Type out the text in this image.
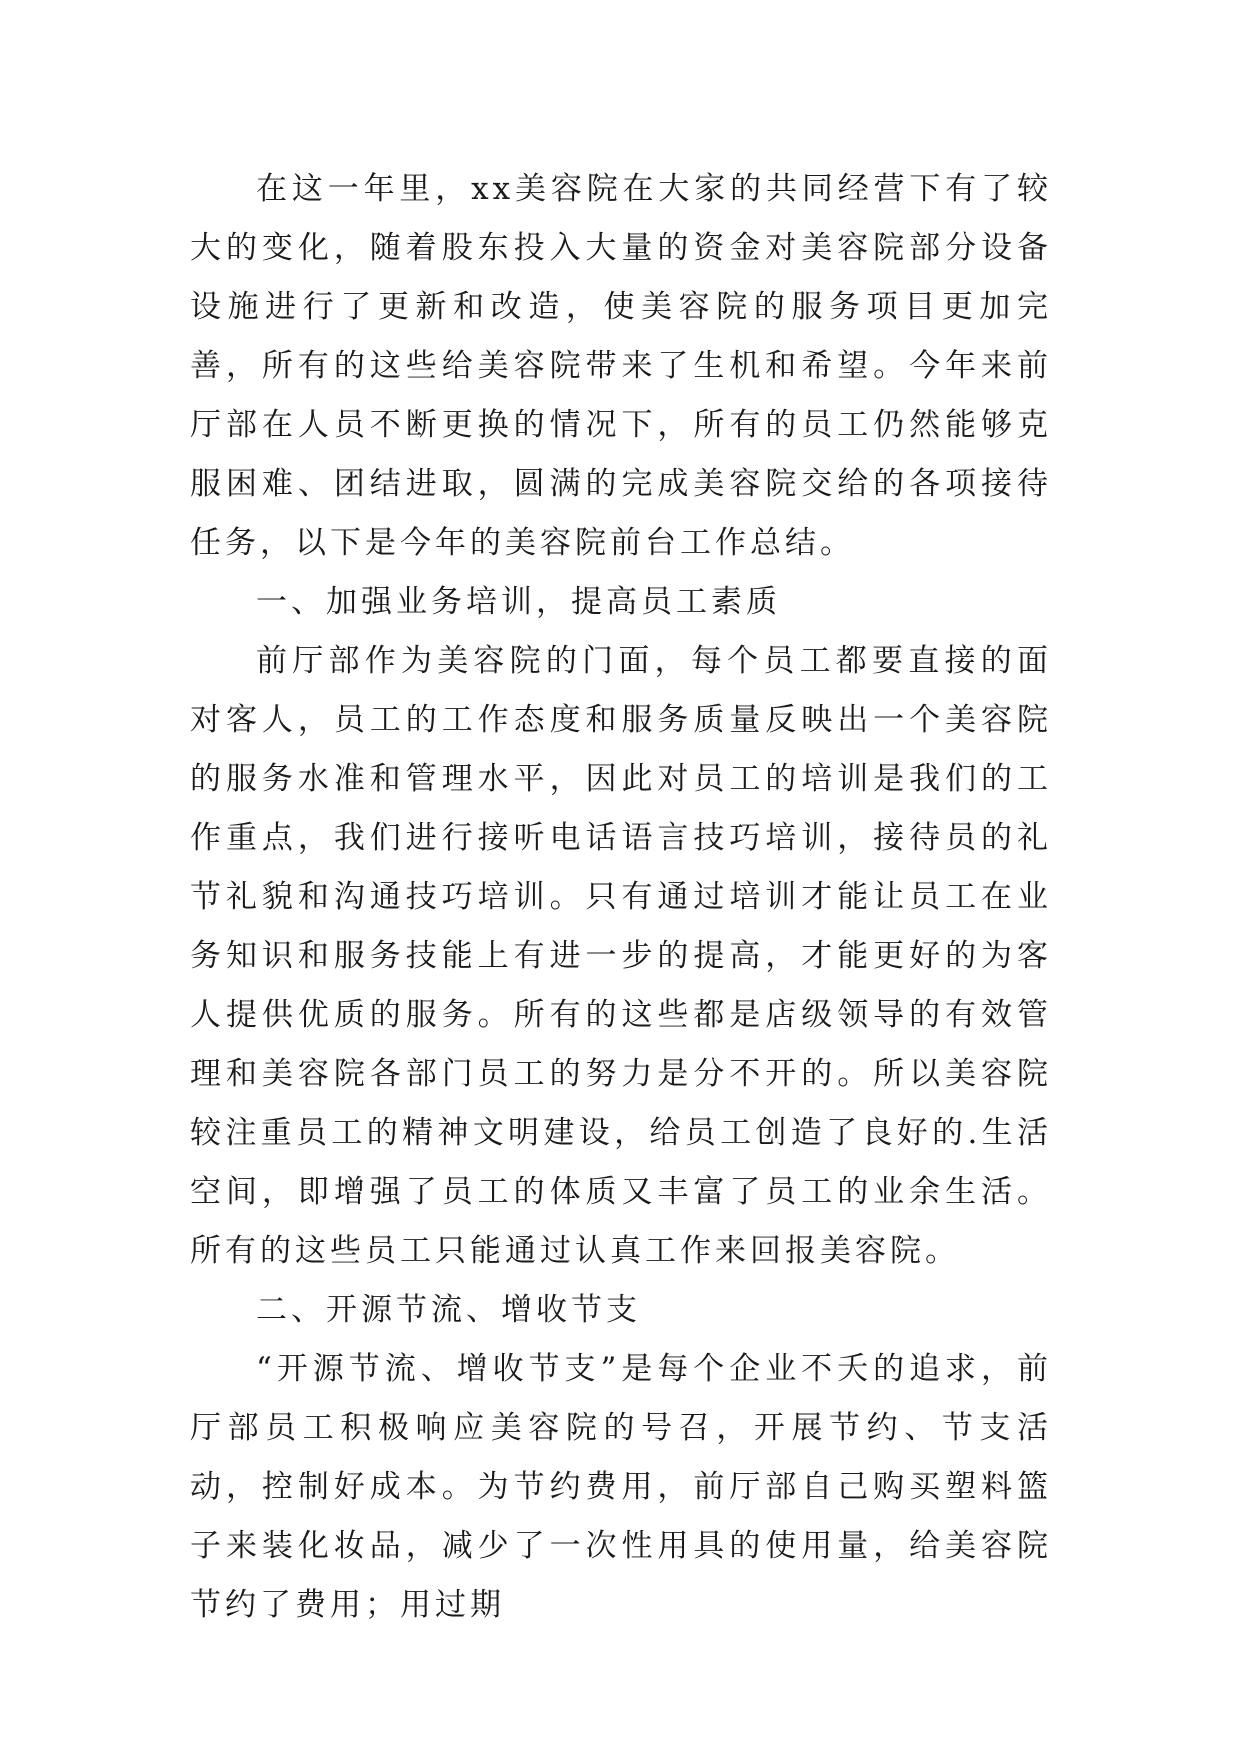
在这一年里，xx美容院在大家的共同经营下有了较大的变化，随着股东投入大量的资金对美容院部分设备设施进行了更新和改造，使美容院的服务项目更加完善，所有的这些给美容院带来了生机和希望。今年来前厅部在人员不断更换的情况下，所有的员工仍然能够克服困难、团结进取，圆满的完成美容院交给的各项接待任务，以下是今年的美容院前台工作总结。

一、加强业务培训，提高员工素质

前厅部作为美容院的门面，每个员工都要直接的面对客人，员工的工作态度和服务质量反映出一个美容院的服务水准和管理水平，因此对员工的培训是我们的工作重点，我们进行接听电话语言技巧培训，接待员的礼节礼貌和沟通技巧培训。只有通过培训才能让员工在业务知识和服务技能上有进一步的提高，才能更好的为客人提供优质的服务。所有的这些都是店级领导的有效管理和美容院各部门员工的努力是分不开的。所以美容院较注重员工的精神文明建设，给员工创造了良好的.生活空间，即增强了员工的体质又丰富了员工的业余生活。所有的这些员工只能通过认真工作来回报美容院。

二、开源节流、增收节支

“开源节流、增收节支”是每个企业不夭的追求，前厅部员工积极响应美容院的号召，开展节约、节支活动，控制好成本。为节约费用，前厅部自己购买塑料篮子来装化妆品，减少了一次性用具的使用量，给美容院节约了费用；用过期
